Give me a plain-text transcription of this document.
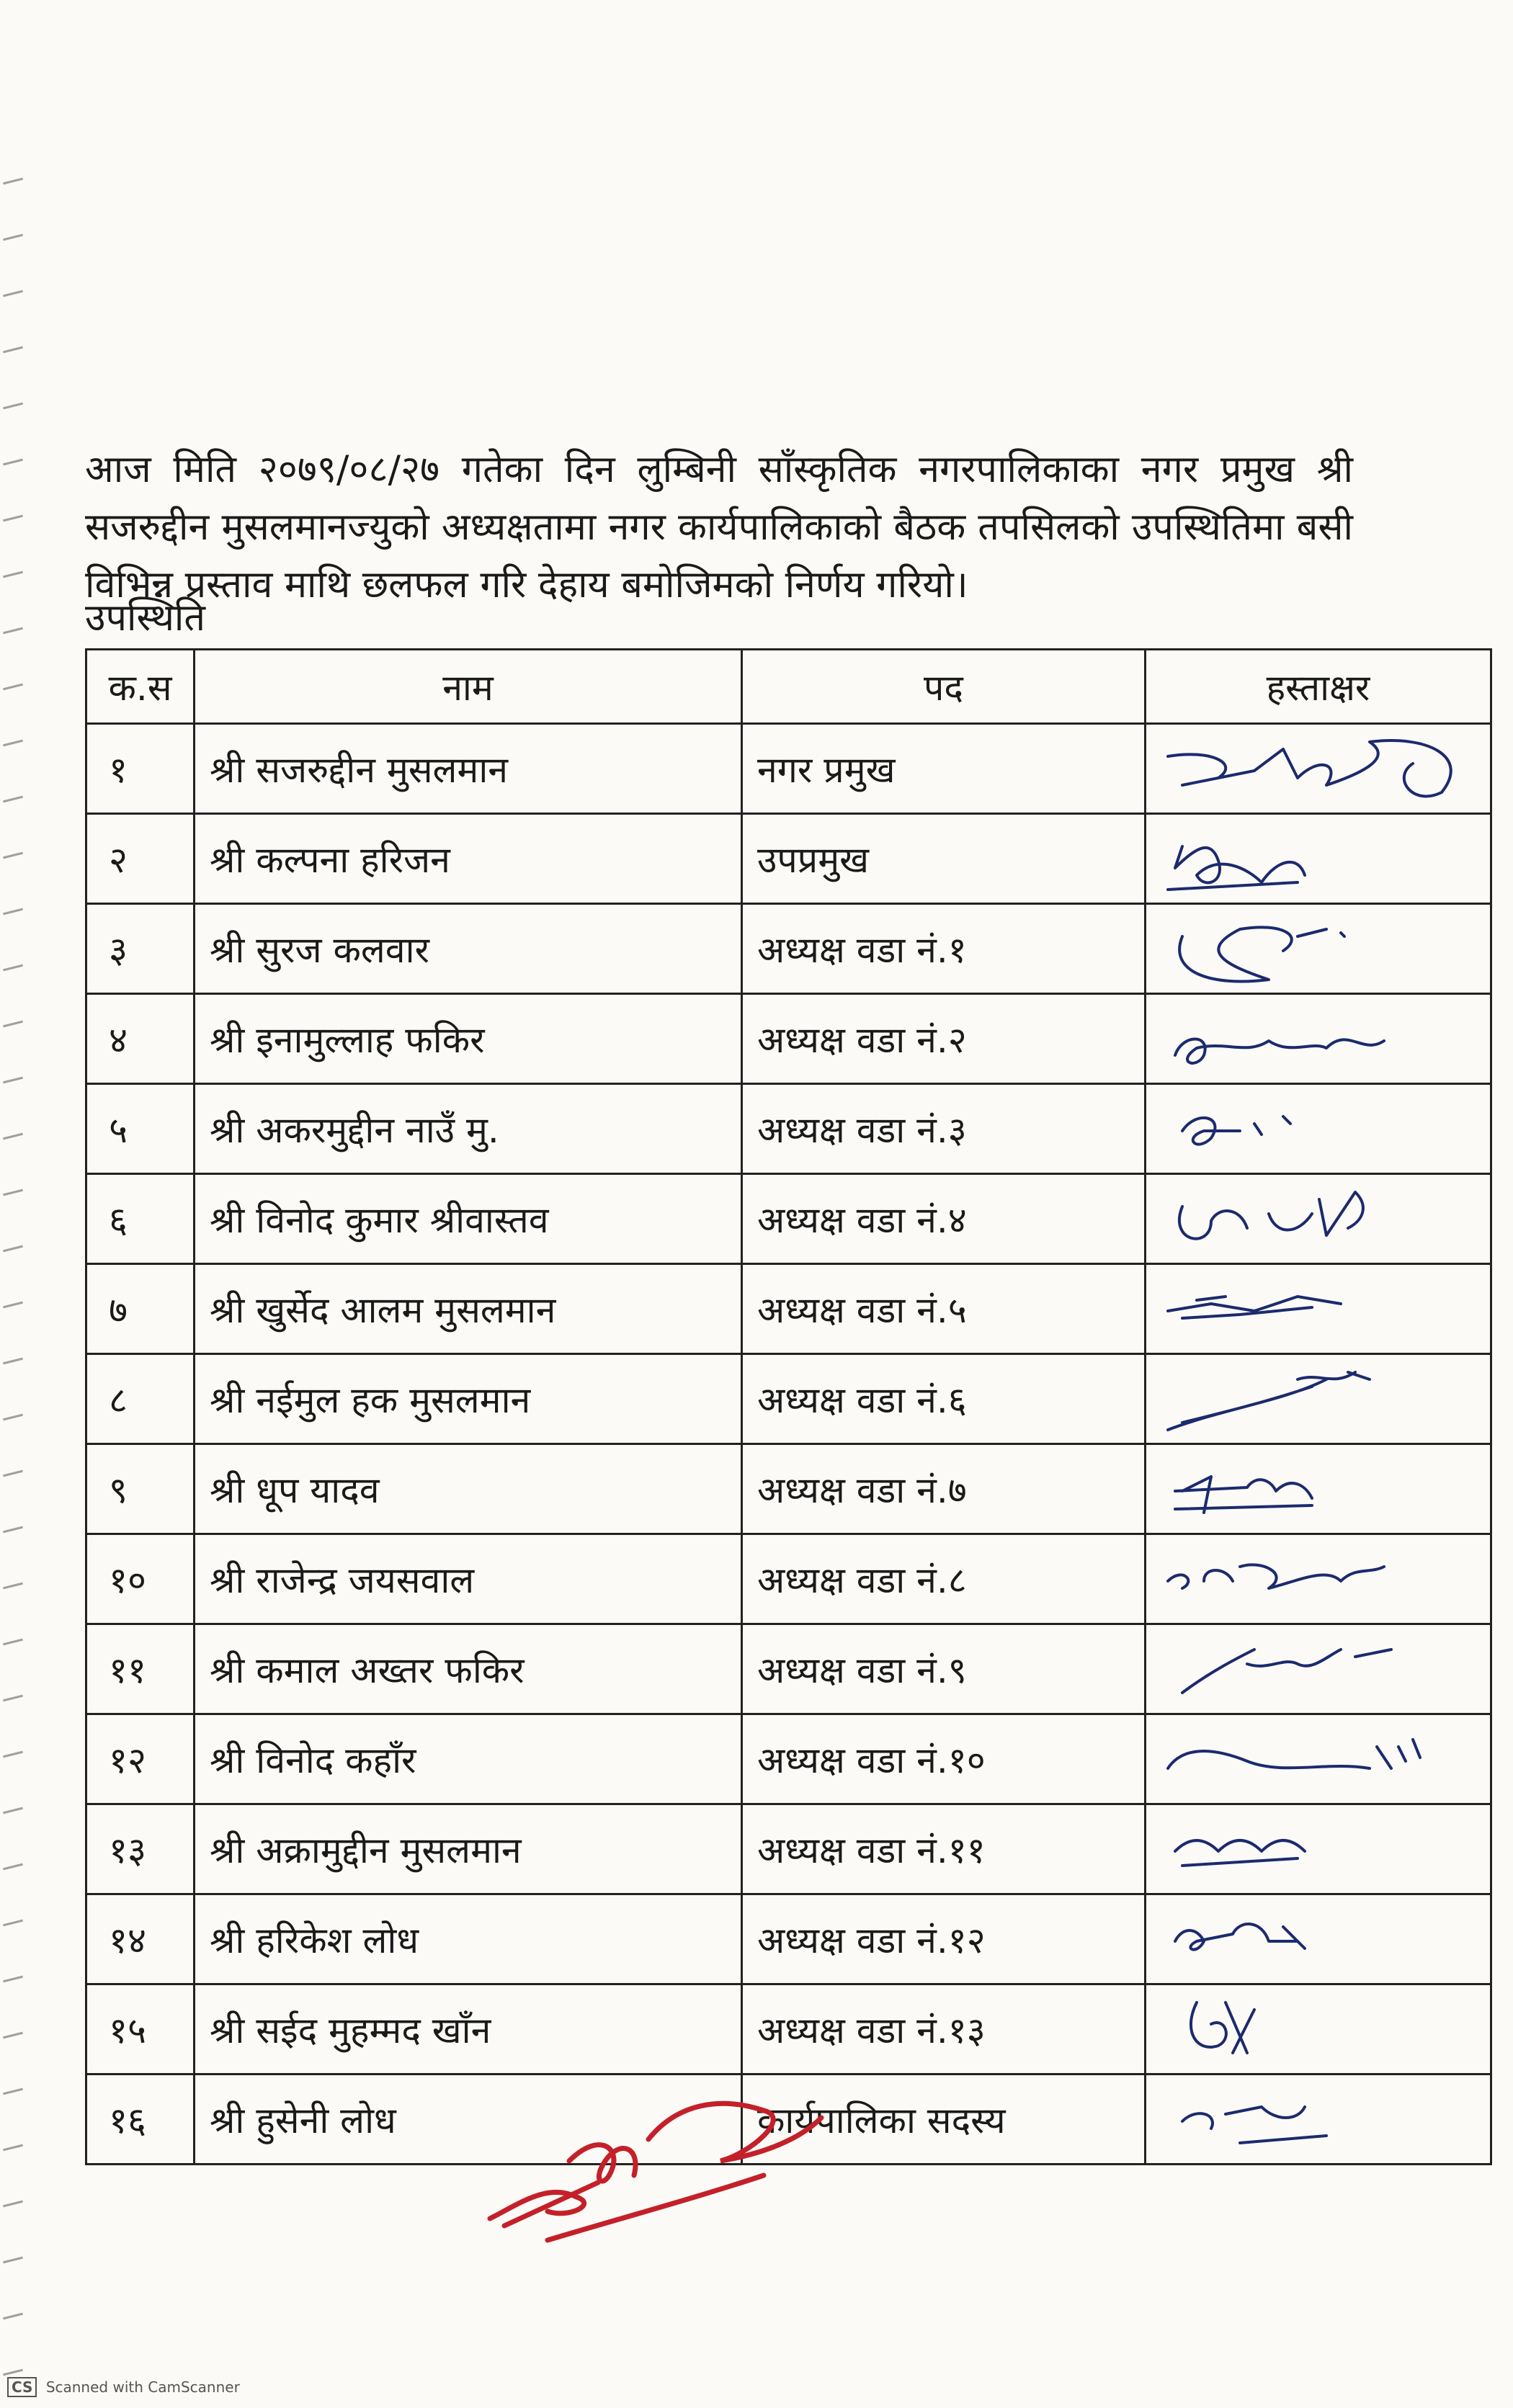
आज मिति २०७९/०८/२७ गतेका दिन लुम्बिनी साँस्कृतिक नगरपालिकाका नगर प्रमुख श्री सजरुद्दीन मुसलमानज्युको अध्यक्षतामा नगर कार्यपालिकाको बैठक तपसिलको उपस्थितिमा बसी विभिन्न प्रस्ताव माथि छलफल गरि देहाय बमोजिमको निर्णय गरियो।

उपस्थिति
क.स	नाम	पद	हस्ताक्षर
१	श्री सजरुद्दीन मुसलमान	नगर प्रमुख	

२	श्री कल्पना हरिजन	उपप्रमुख	

३	श्री सुरज कलवार	अध्यक्ष वडा नं.१	

४	श्री इनामुल्लाह फकिर	अध्यक्ष वडा नं.२	

५	श्री अकरमुद्दीन नाउँ मु.	अध्यक्ष वडा नं.३	

६	श्री विनोद कुमार श्रीवास्तव	अध्यक्ष वडा नं.४	

७	श्री खुर्सेद आलम मुसलमान	अध्यक्ष वडा नं.५	

८	श्री नईमुल हक मुसलमान	अध्यक्ष वडा नं.६	

९	श्री धूप यादव	अध्यक्ष वडा नं.७	

१०	श्री राजेन्द्र जयसवाल	अध्यक्ष वडा नं.८	

११	श्री कमाल अख्तर फकिर	अध्यक्ष वडा नं.९	

१२	श्री विनोद कहाँर	अध्यक्ष वडा नं.१०	

१३	श्री अक्रामुद्दीन मुसलमान	अध्यक्ष वडा नं.११	

१४	श्री हरिकेश लोध	अध्यक्ष वडा नं.१२	

१५	श्री सईद मुहम्मद खाँन	अध्यक्ष वडा नं.१३	

१६	श्री हुसेनी लोध	कार्यपालिका सदस्य	
CS Scanned with CamScanner
